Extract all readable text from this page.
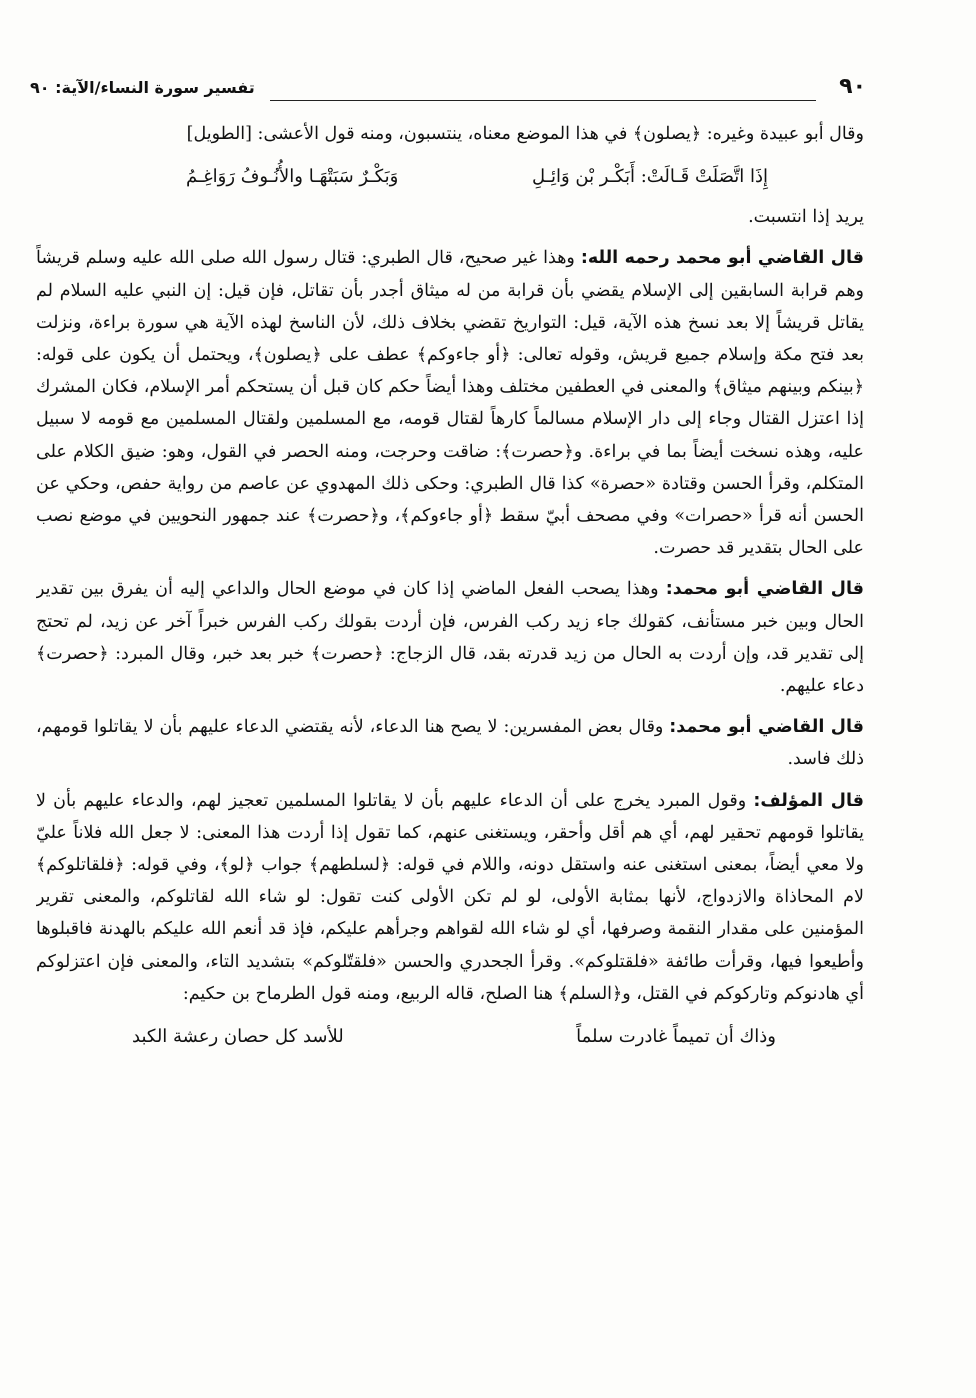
٩٠
تفسير سورة النساء/الآية: ٩٠

وقال أبو عبيدة وغيره: ﴿يصلون﴾ في هذا الموضع معناه، ينتسبون، ومنه قول الأعشى: [الطويل]

إِذَا اتَّصَلَتْ قَـالَتْ: أَبَكْـر بْن وَائِـلِ
وَبَكْـرٌ سَبَتْهَـا والأُنُـوفُ رَوَاغِـمُ

يريد إذا انتسبت.

قال القاضي أبو محمد رحمه الله: وهذا غير صحيح، قال الطبري: قتال رسول الله صلى الله عليه وسلم قريشاً وهم قرابة السابقين إلى الإسلام يقضي بأن قرابة من له ميثاق أجدر بأن تقاتل، فإن قيل: إن النبي عليه السلام لم يقاتل قريشاً إلا بعد نسخ هذه الآية، قيل: التواريخ تقضي بخلاف ذلك، لأن الناسخ لهذه الآية هي سورة براءة، ونزلت بعد فتح مكة وإسلام جميع قريش، وقوله تعالى: ﴿أو جاءوكم﴾ عطف على ﴿يصلون﴾، ويحتمل أن يكون على قوله: ﴿بينكم وبينهم ميثاق﴾ والمعنى في العطفين مختلف وهذا أيضاً حكم كان قبل أن يستحكم أمر الإسلام، فكان المشرك إذا اعتزل القتال وجاء إلى دار الإسلام مسالماً كارهاً لقتال قومه، مع المسلمين ولقتال المسلمين مع قومه لا سبيل عليه، وهذه نسخت أيضاً بما في براءة. و﴿حصرت﴾: ضاقت وحرجت، ومنه الحصر في القول، وهو: ضيق الكلام على المتكلم، وقرأ الحسن وقتادة «حصرة» كذا قال الطبري: وحكى ذلك المهدوي عن عاصم من رواية حفص، وحكي عن الحسن أنه قرأ «حصرات» وفي مصحف أبيّ سقط ﴿أو جاءوكم﴾، و﴿حصرت﴾ عند جمهور النحويين في موضع نصب على الحال بتقدير قد حصرت.

قال القاضي أبو محمد: وهذا يصحب الفعل الماضي إذا كان في موضع الحال والداعي إليه أن يفرق بين تقدير الحال وبين خبر مستأنف، كقولك جاء زيد ركب الفرس، فإن أردت بقولك ركب الفرس خبراً آخر عن زيد، لم تحتج إلى تقدير قد، وإن أردت به الحال من زيد قدرته بقد، قال الزجاج: ﴿حصرت﴾ خبر بعد خبر، وقال المبرد: ﴿حصرت﴾ دعاء عليهم.

قال القاضي أبو محمد: وقال بعض المفسرين: لا يصح هنا الدعاء، لأنه يقتضي الدعاء عليهم بأن لا يقاتلوا قومهم، ذلك فاسد.

قال المؤلف: وقول المبرد يخرج على أن الدعاء عليهم بأن لا يقاتلوا المسلمين تعجيز لهم، والدعاء عليهم بأن لا يقاتلوا قومهم تحقير لهم، أي هم أقل وأحقر، ويستغنى عنهم، كما تقول إذا أردت هذا المعنى: لا جعل الله فلاناً عليّ ولا معي أيضاً، بمعنى استغنى عنه واستقل دونه، واللام في قوله: ﴿لسلطهم﴾ جواب ﴿لو﴾، وفي قوله: ﴿فلقاتلوكم﴾ لام المحاذاة والازدواج، لأنها بمثابة الأولى، لو لم تكن الأولى كنت تقول: لو شاء الله لقاتلوكم، والمعنى تقرير المؤمنين على مقدار النقمة وصرفها، أي لو شاء الله لقواهم وجرأهم عليكم، فإذ قد أنعم الله عليكم بالهدنة فاقبلوها وأطيعوا فيها، وقرأت طائفة «فلقتلوكم». وقرأ الجحدري والحسن «فلقتّلوكم» بتشديد التاء، والمعنى فإن اعتزلوكم أي هادنوكم وتاركوكم في القتل، و﴿السلم﴾ هنا الصلح، قاله الربيع، ومنه قول الطرماح بن حكيم:

وذاك أن تميماً غادرت سلماً
للأسد كل حصان رعشة الكبد
